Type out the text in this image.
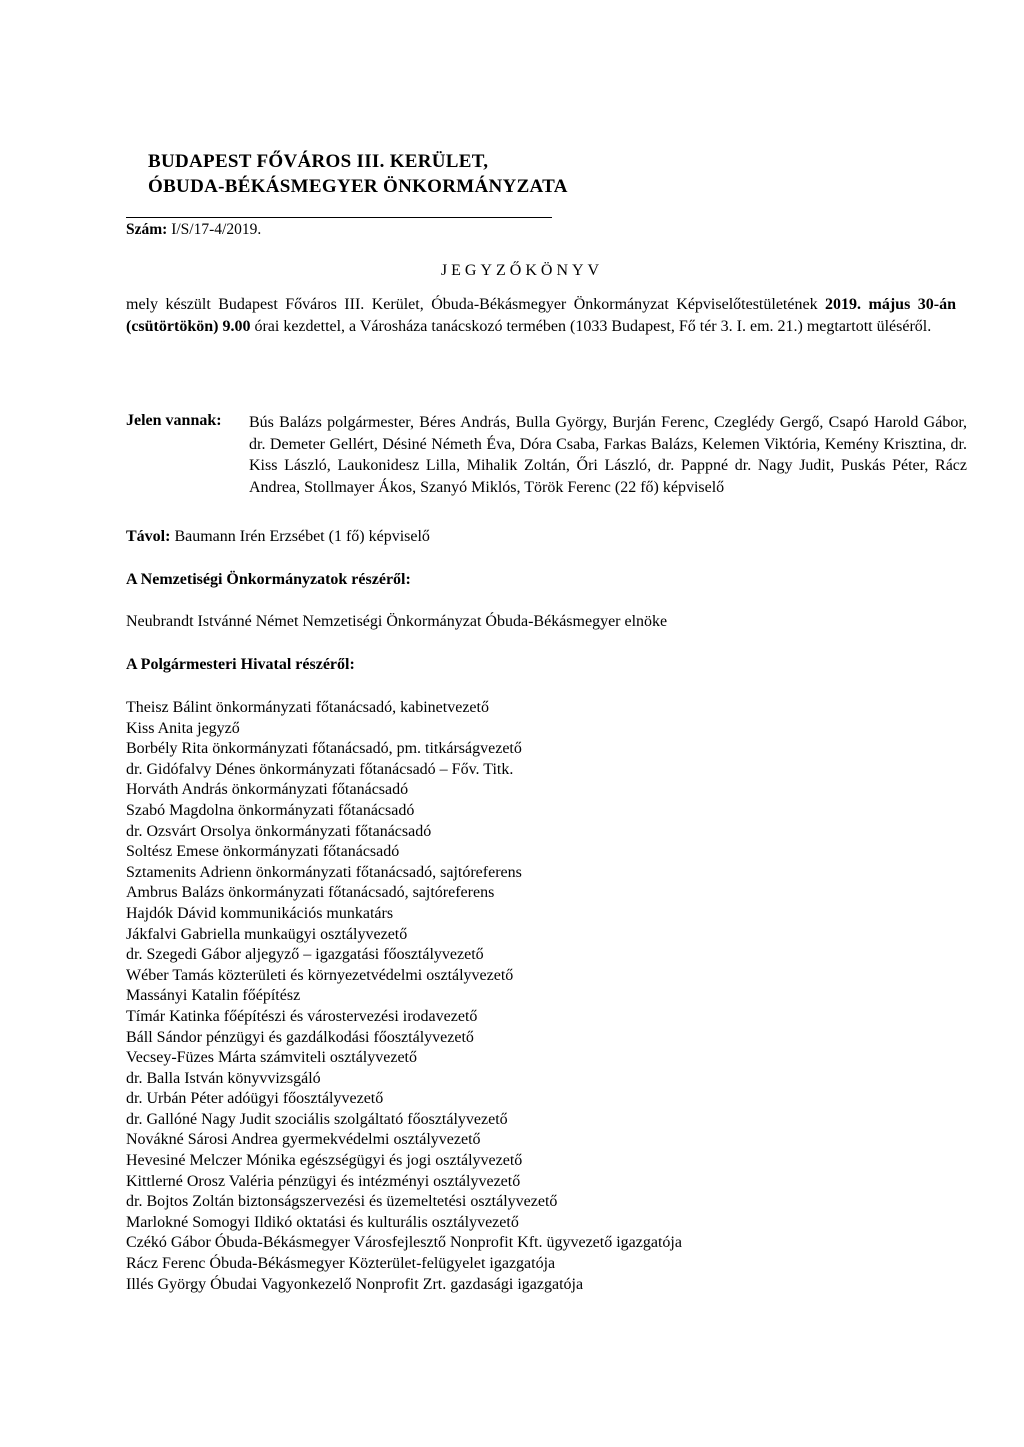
BUDAPEST FŐVÁROS III. KERÜLET,
ÓBUDA-BÉKÁSMEGYER ÖNKORMÁNYZATA
Szám: I/S/17-4/2019.
JEGYZŐKÖNYV
mely készült Budapest Főváros III. Kerület, Óbuda-Békásmegyer Önkormányzat Képviselőtestületének 2019. május 30-án (csütörtökön) 9.00 órai kezdettel, a Városháza tanácskozó termében (1033 Budapest, Fő tér 3. I. em. 21.) megtartott üléséről.
Jelen vannak: Bús Balázs polgármester, Béres András, Bulla György, Burján Ferenc, Czeglédy Gergő, Csapó Harold Gábor, dr. Demeter Gellért, Désiné Németh Éva, Dóra Csaba, Farkas Balázs, Kelemen Viktória, Kemény Krisztina, dr. Kiss László, Laukonidesz Lilla, Mihalik Zoltán, Őri László, dr. Pappné dr. Nagy Judit, Puskás Péter, Rácz Andrea, Stollmayer Ákos, Szanyó Miklós, Török Ferenc (22 fő) képviselő
Távol: Baumann Irén Erzsébet (1 fő) képviselő
A Nemzetiségi Önkormányzatok részéről:
Neubrandt Istvánné Német Nemzetiségi Önkormányzat Óbuda-Békásmegyer elnöke
A Polgármesteri Hivatal részéről:
Theisz Bálint önkormányzati főtanácsadó, kabinetvezető
Kiss Anita jegyző
Borbély Rita önkormányzati főtanácsadó, pm. titkárságvezető
dr. Gidófalvy Dénes önkormányzati főtanácsadó – Főv. Titk.
Horváth András önkormányzati főtanácsadó
Szabó Magdolna önkormányzati főtanácsadó
dr. Ozsvárt Orsolya önkormányzati főtanácsadó
Soltész Emese önkormányzati főtanácsadó
Sztamenits Adrienn önkormányzati főtanácsadó, sajtóreferens
Ambrus Balázs önkormányzati főtanácsadó, sajtóreferens
Hajdók Dávid kommunikációs munkatárs
Jákfalvi Gabriella munkaügyi osztályvezető
dr. Szegedi Gábor aljegyző – igazgatási főosztályvezető
Wéber Tamás közterületi és környezetvédelmi osztályvezető
Massányi Katalin főépítész
Tímár Katinka főépítészi és várostervezési irodavezető
Báll Sándor pénzügyi és gazdálkodási főosztályvezető
Vecsey-Füzes Márta számviteli osztályvezető
dr. Balla István könyvvizsgáló
dr. Urbán Péter adóügyi főosztályvezető
dr. Gallóné Nagy Judit szociális szolgáltató főosztályvezető
Novákné Sárosi Andrea gyermekvédelmi osztályvezető
Hevesiné Melczer Mónika egészségügyi és jogi osztályvezető
Kittlerné Orosz Valéria pénzügyi és intézményi osztályvezető
dr. Bojtos Zoltán biztonságszervezési és üzemeltetési osztályvezető
Marlokné Somogyi Ildikó oktatási és kulturális osztályvezető
Czékó Gábor Óbuda-Békásmegyer Városfejlesztő Nonprofit Kft. ügyvezető igazgatója
Rácz Ferenc Óbuda-Békásmegyer Közterület-felügyelet igazgatója
Illés György Óbudai Vagyonkezelő Nonprofit Zrt. gazdasági igazgatója
